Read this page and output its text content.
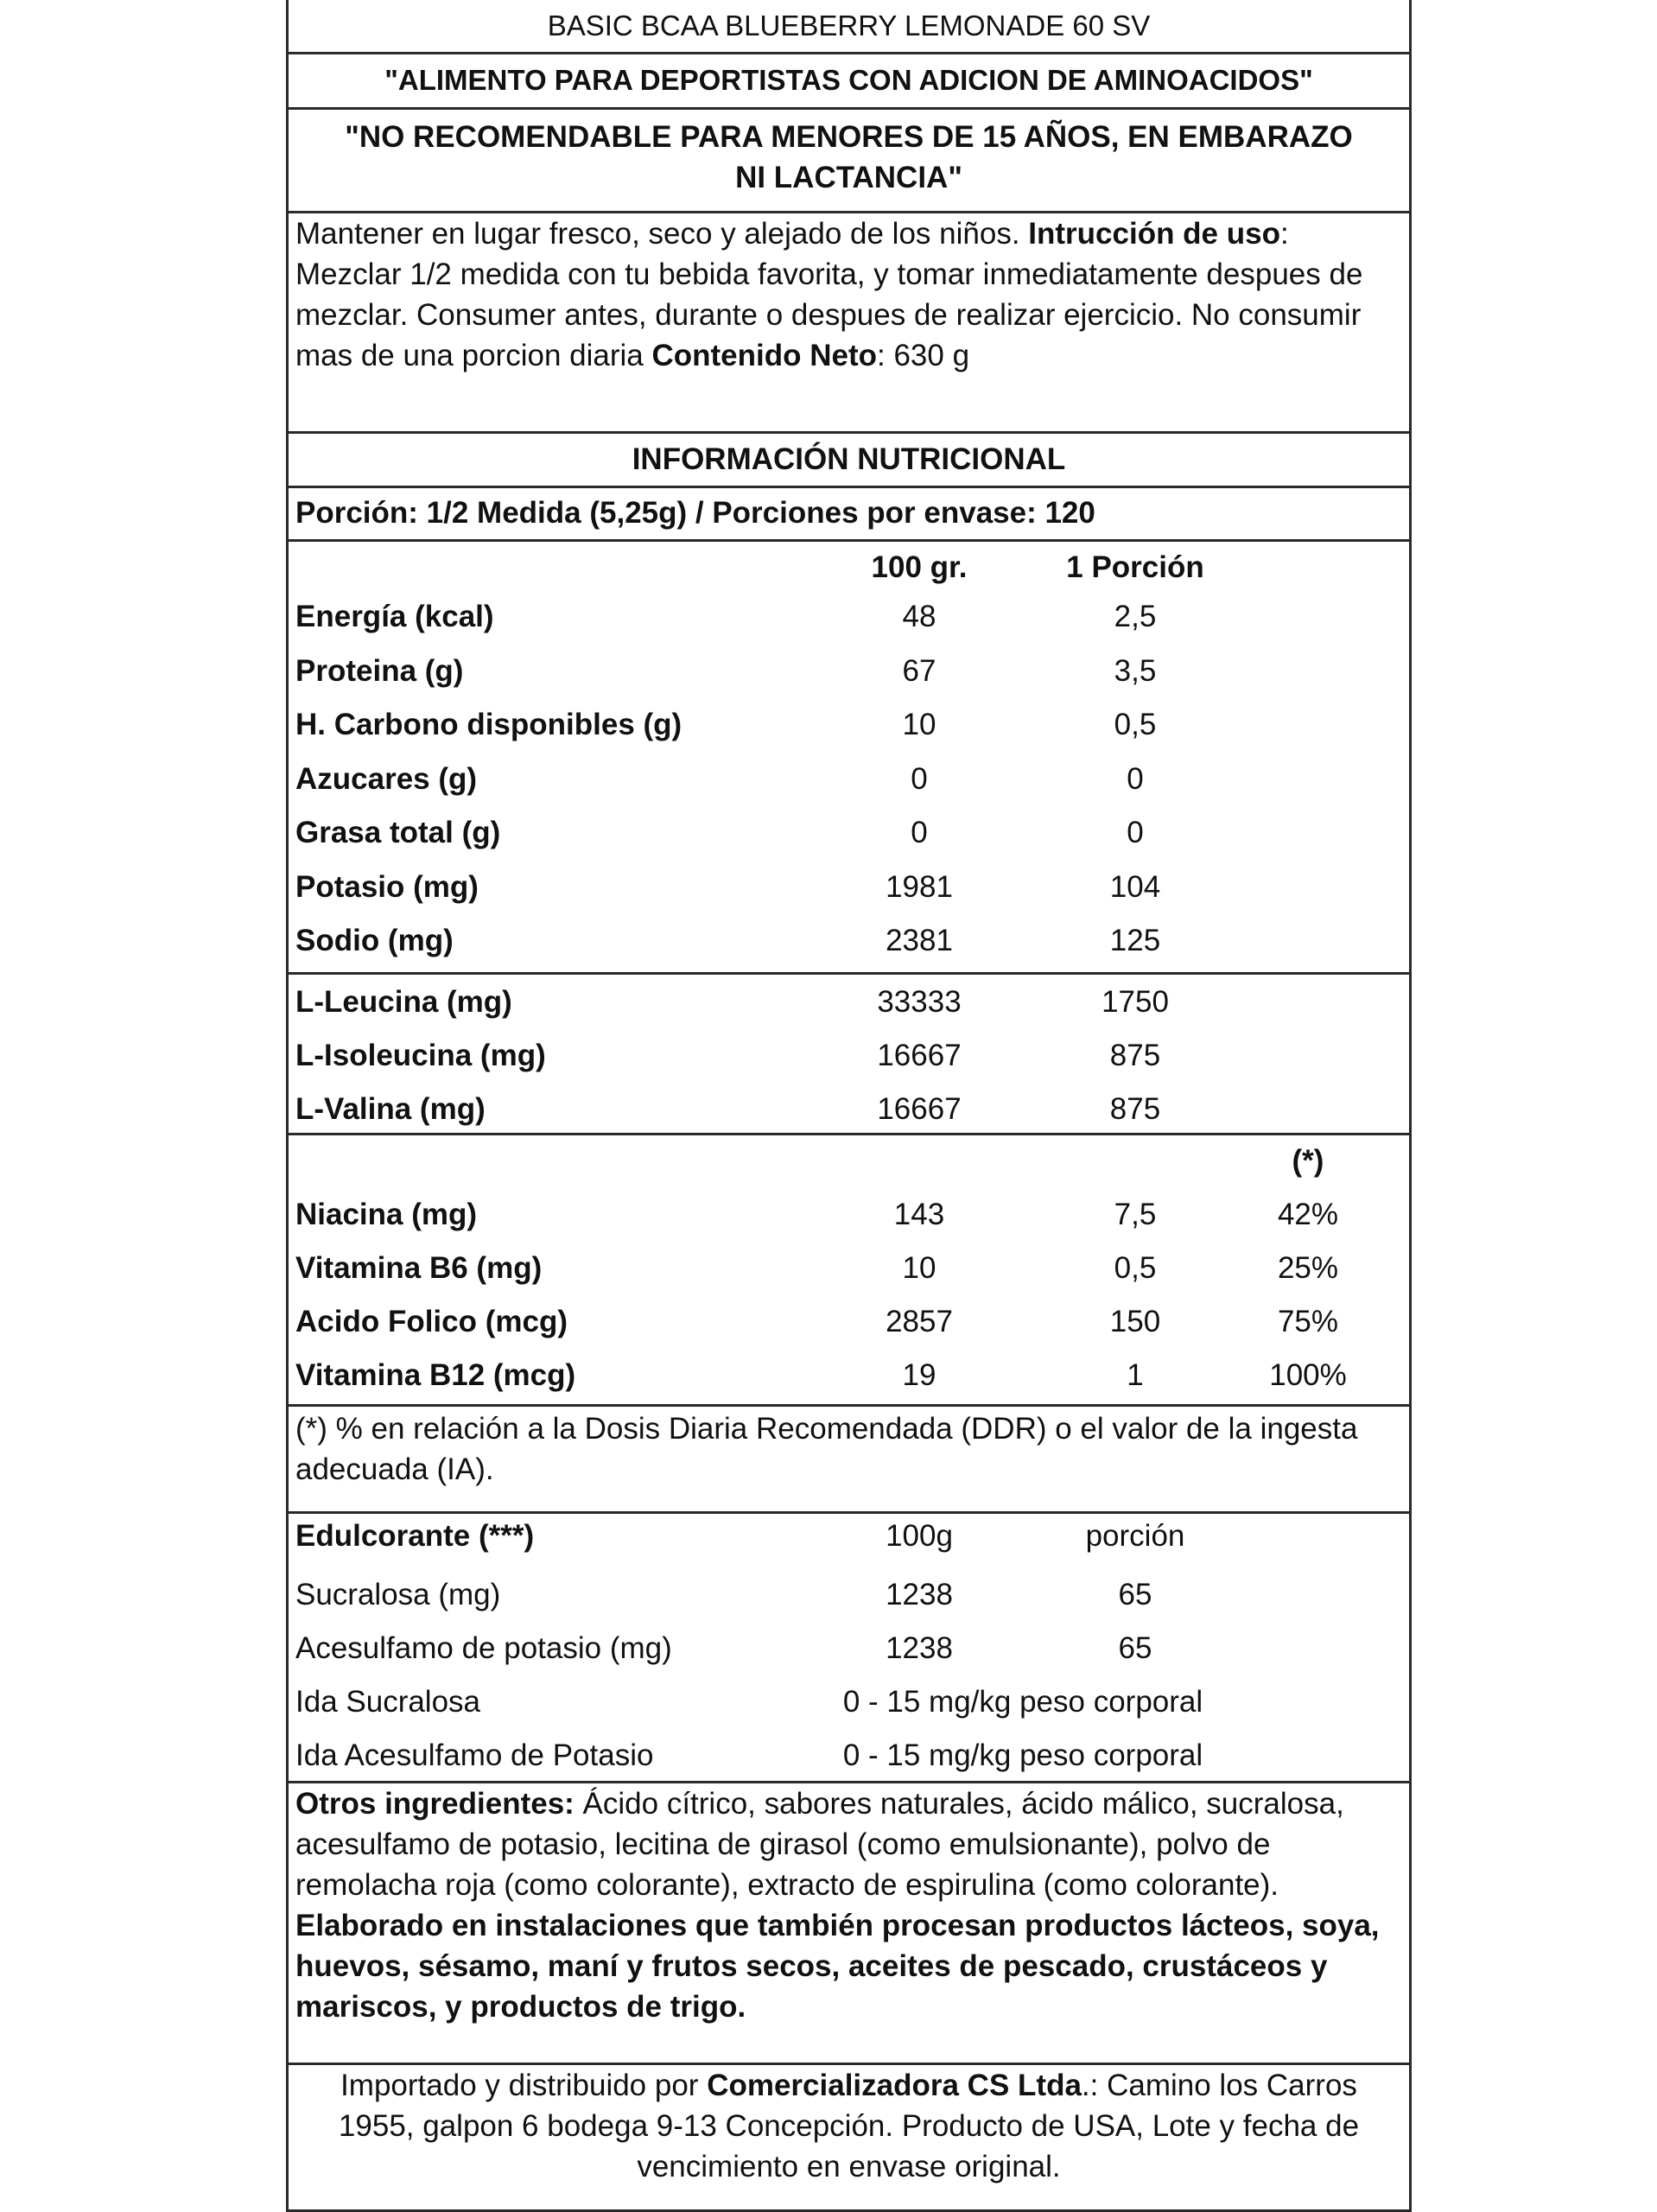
BASIC BCAA BLUEBERRY LEMONADE 60 SV
"ALIMENTO PARA DEPORTISTAS CON ADICION DE AMINOACIDOS"
"NO RECOMENDABLE PARA MENORES DE 15 AÑOS, EN EMBARAZO NI LACTANCIA"
Mantener en lugar fresco, seco y alejado de los niños. Intrucción de uso: Mezclar 1/2 medida con tu bebida favorita, y tomar inmediatamente despues de mezclar. Consumer antes, durante o despues de realizar ejercicio. No consumir mas de una porcion diaria Contenido Neto: 630 g
INFORMACIÓN NUTRICIONAL
Porción: 1/2 Medida (5,25g) / Porciones por envase: 120
100 gr.	1 Porción
Energía (kcal)	48	2,5
Proteina (g)	67	3,5
H. Carbono disponibles (g)	10	0,5
Azucares (g)	0	0
Grasa total (g)	0	0
Potasio (mg)	1981	104
Sodio (mg)	2381	125
L-Leucina (mg)	33333	1750
L-Isoleucina (mg)	16667	875
L-Valina (mg)	16667	875
(*)
Niacina (mg)	143	7,5	42%
Vitamina B6 (mg)	10	0,5	25%
Acido Folico (mcg)	2857	150	75%
Vitamina B12 (mcg)	19	1	100%
(*) % en relación a la Dosis Diaria Recomendada (DDR) o el valor de la ingesta adecuada (IA).
Edulcorante (***)	100g	porción
Sucralosa (mg)	1238	65
Acesulfamo de potasio (mg)	1238	65
Ida Sucralosa	0 - 15 mg/kg peso corporal
Ida Acesulfamo de Potasio	0 - 15 mg/kg peso corporal
Otros ingredientes: Ácido cítrico, sabores naturales, ácido málico, sucralosa, acesulfamo de potasio, lecitina de girasol (como emulsionante), polvo de remolacha roja (como colorante), extracto de espirulina (como colorante).
Elaborado en instalaciones que también procesan productos lácteos, soya, huevos, sésamo, maní y frutos secos, aceites de pescado, crustáceos y mariscos, y productos de trigo.
Importado y distribuido por Comercializadora CS Ltda.: Camino los Carros 1955, galpon 6 bodega 9-13 Concepción. Producto de USA, Lote y fecha de vencimiento en envase original.
